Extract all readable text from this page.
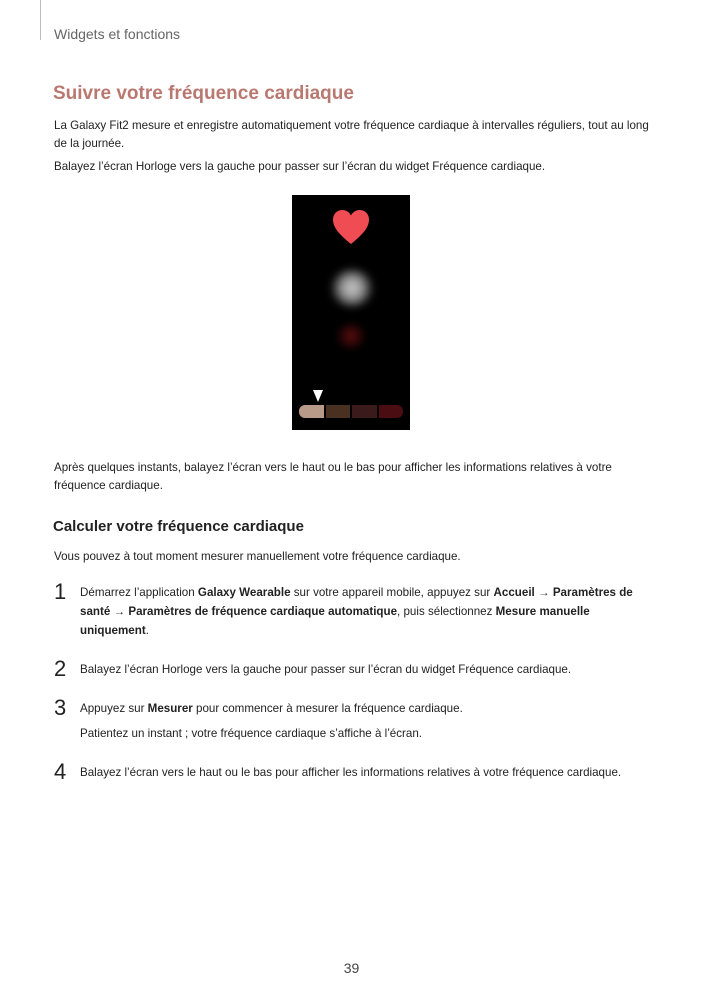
Widgets et fonctions
Suivre votre fréquence cardiaque

La Galaxy Fit2 mesure et enregistre automatiquement votre fréquence cardiaque à intervalles réguliers, tout au long de la journée.

Balayez l’écran Horloge vers la gauche pour passer sur l’écran du widget Fréquence cardiaque.

Après quelques instants, balayez l’écran vers le haut ou le bas pour afficher les informations relatives à votre fréquence cardiaque.

Calculer votre fréquence cardiaque

Vous pouvez à tout moment mesurer manuellement votre fréquence cardiaque.

1 Démarrez l’application Galaxy Wearable sur votre appareil mobile, appuyez sur Accueil → Paramètres de santé → Paramètres de fréquence cardiaque automatique, puis sélectionnez Mesure manuelle uniquement.

2 Balayez l’écran Horloge vers la gauche pour passer sur l’écran du widget Fréquence cardiaque.

3 Appuyez sur Mesurer pour commencer à mesurer la fréquence cardiaque.

Patientez un instant ; votre fréquence cardiaque s’affiche à l’écran.

4 Balayez l’écran vers le haut ou le bas pour afficher les informations relatives à votre fréquence cardiaque.

39
